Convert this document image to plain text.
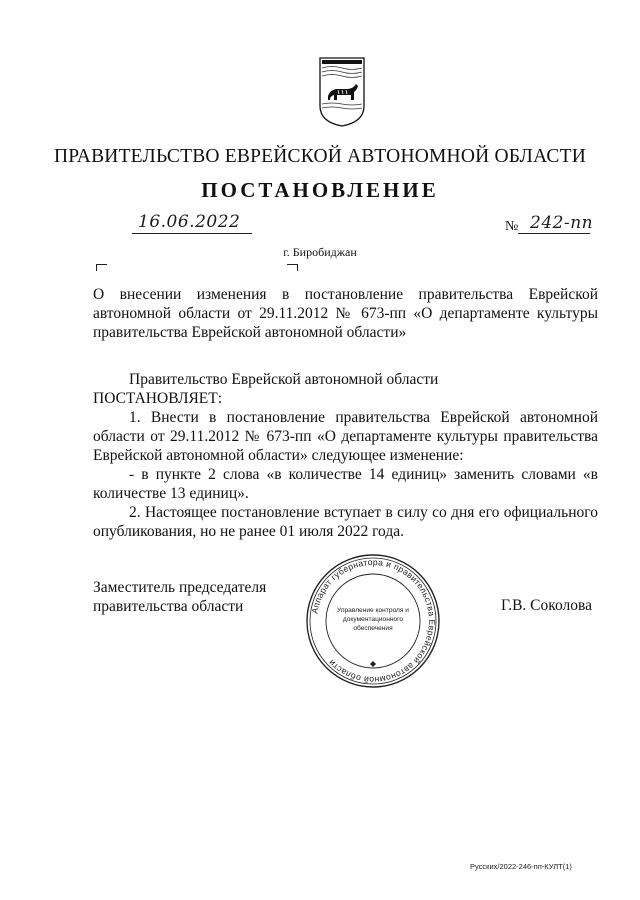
ПРАВИТЕЛЬСТВО ЕВРЕЙСКОЙ АВТОНОМНОЙ ОБЛАСТИ
ПОСТАНОВЛЕНИЕ
16.06.2022	№ 242-пп
г. Биробиджан
О внесении изменения в постановление правительства Еврейской автономной области от 29.11.2012 № 673-пп «О департаменте культуры правительства Еврейской автономной области»
Правительство Еврейской автономной области
ПОСТАНОВЛЯЕТ:
1. Внести в постановление правительства Еврейской автономной области от 29.11.2012 № 673-пп «О департаменте культуры правительства Еврейской автономной области» следующее изменение:
- в пункте 2 слова «в количестве 14 единиц» заменить словами «в количестве 13 единиц».
2. Настоящее постановление вступает в силу со дня его официального опубликования, но не ранее 01 июля 2022 года.
Заместитель председателя
правительства области	Г.В. Соколова
Аппарат губернатора и правительства Еврейской автономной области
Управление контроля и
документационного
обеспечения
Русских/2022-246-пп-КУЛТ(1)
